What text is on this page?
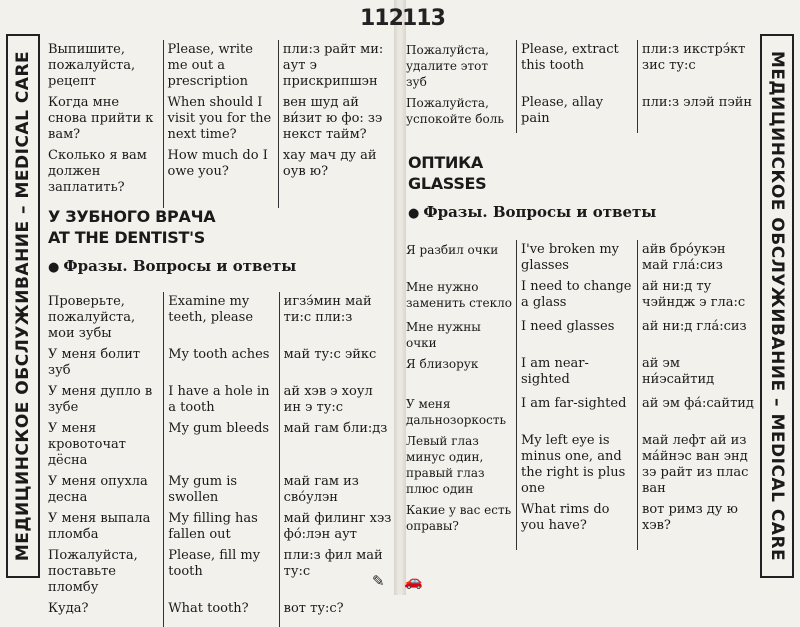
112
МЕДИЦИНСКОЕ ОБСЛУЖИВАНИЕ – MEDICAL CARE
Выпишите, пожалуйста, рецепт	Please, write me out a prescription	пли:з райт ми: аут э прискрипшэн
Когда мне снова прийти к вам?	When should I visit you for the next time?	вен шуд ай ви́зит ю фо: зэ некст тайм?
Сколько я вам должен заплатить?	How much do I owe you?	хау мач ду ай оув ю?
У ЗУБНОГО ВРАЧА
AT THE DENTIST'S
● Фразы. Вопросы и ответы
Проверьте, пожалуйста, мои зубы	Examine my teeth, please	игзэ́мин май ти:с пли:з
У меня болит зуб	My tooth aches	май ту:с эйкс
У меня дупло в зубе	I have a hole in a tooth	ай хэв э хоул ин э ту:с
У меня кровоточат дёсна	My gum bleeds	май гам бли:дз
У меня опухла десна	My gum is swollen	май гам из сво́улэн
У меня выпала пломба	My filling has fallen out	май филинг хэз фо́:лэн аут
Пожалуйста, поставьте пломбу	Please, fill my tooth	пли:з фил май ту:с
Куда?	What tooth?	вот ту:с?
✎
113
МЕДИЦИНСКОЕ ОБСЛУЖИВАНИЕ – MEDICAL CARE
Пожалуйста, удалите этот зуб	Please, extract this tooth	пли:з икстрэ́кт зис ту:с
Пожалуйста, успокойте боль	Please, allay pain	пли:з элэй пэйн
ОПТИКА
GLASSES
● Фразы. Вопросы и ответы
Я разбил очки	I've broken my glasses	айв бро́укэн май гла́:сиз
Мне нужно заменить стекло	I need to change a glass	ай ни:д ту чэйндж э гла:с
Мне нужны очки	I need glasses	ай ни:д гла́:сиз
Я близорук	I am near-sighted	ай эм ни́эсайтид
У меня дальнозоркость	I am far-sighted	ай эм фа́:сайтид
Левый глаз минус один, правый глаз плюс один	My left eye is minus one, and the right is plus one	май лефт ай из ма́йнэс ван энд зэ райт из плас ван
Какие у вас есть оправы?	What rims do you have?	вот римз ду ю хэв?
🚗
